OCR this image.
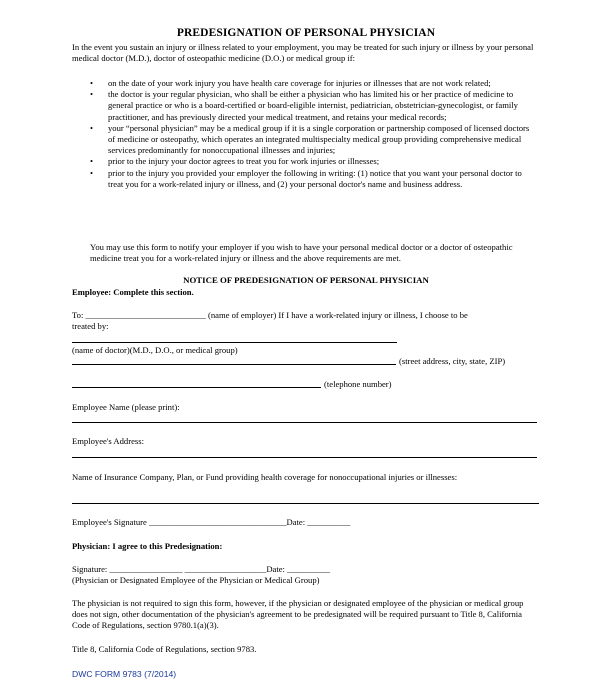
PREDESIGNATION OF PERSONAL PHYSICIAN
In the event you sustain an injury or illness related to your employment, you may be treated for such injury or illness by your personal medical doctor (M.D.), doctor of osteopathic medicine (D.O.) or medical group if:
• on the date of your work injury you have health care coverage for injuries or illnesses that are not work related;
• the doctor is your regular physician, who shall be either a physician who has limited his or her practice of medicine to general practice or who is a board-certified or board-eligible internist, pediatrician, obstetrician-gynecologist, or family practitioner, and has previously directed your medical treatment, and retains your medical records;
• your “personal physician” may be a medical group if it is a single corporation or partnership composed of licensed doctors of medicine or osteopathy, which operates an integrated multispecialty medical group providing comprehensive medical services predominantly for nonoccupational illnesses and injuries;
• prior to the injury your doctor agrees to treat you for work injuries or illnesses;
• prior to the injury you provided your employer the following in writing: (1) notice that you want your personal doctor to treat you for a work-related injury or illness, and (2) your personal doctor's name and business address.
You may use this form to notify your employer if you wish to have your personal medical doctor or a doctor of osteopathic medicine treat you for a work-related injury or illness and the above requirements are met.
NOTICE OF PREDESIGNATION OF PERSONAL PHYSICIAN
Employee: Complete this section.
To: ____________________________ (name of employer) If I have a work-related injury or illness, I choose to be
treated by:
(name of doctor)(M.D., D.O., or medical group)
(street address, city, state, ZIP)
(telephone number)
Employee Name (please print):
Employee's Address:
Name of Insurance Company, Plan, or Fund providing health coverage for nonoccupational injuries or illnesses:
Employee's Signature ________________________________Date: __________
Physician: I agree to this Predesignation:
Signature: _________________ ___________________Date: __________
(Physician or Designated Employee of the Physician or Medical Group)
The physician is not required to sign this form, however, if the physician or designated employee of the physician or medical group does not sign, other documentation of the physician's agreement to be predesignated will be required pursuant to Title 8, California Code of Regulations, section 9780.1(a)(3).
Title 8, California Code of Regulations, section 9783.
DWC FORM 9783 (7/2014)
